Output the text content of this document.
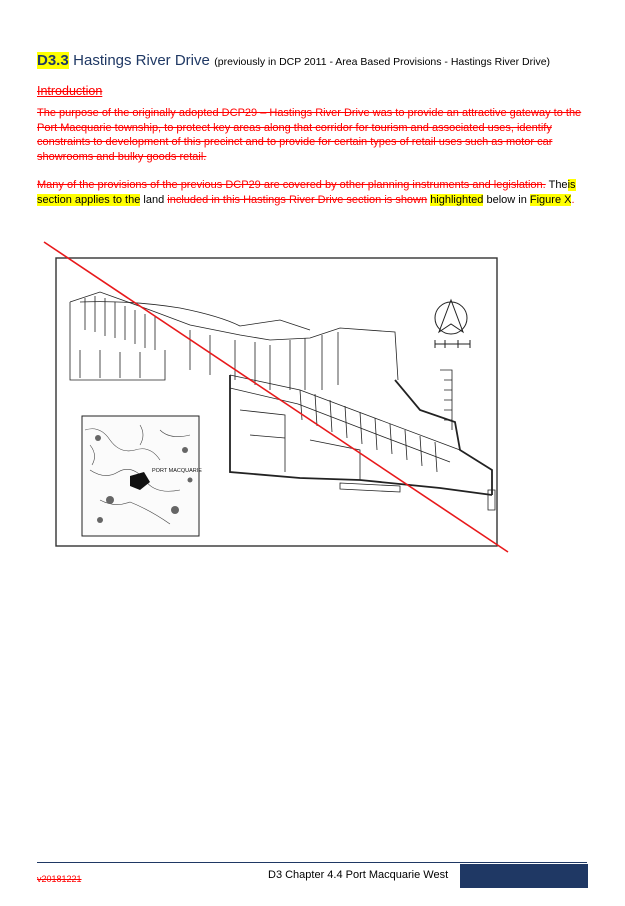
D3.3 Hastings River Drive (previously in DCP 2011 - Area Based Provisions - Hastings River Drive)
Introduction
The purpose of the originally adopted DCP29 – Hastings River Drive was to provide an attractive gateway to the Port Macquarie township, to protect key areas along that corridor for tourism and associated uses, identify constraints to development of this precinct and to provide for certain types of retail uses such as motor car showrooms and bulky goods retail.
Many of the provisions of the previous DCP29 are covered by other planning instruments and legislation. Theis section applies to the land included in this Hastings River Drive section is shown highlighted below in Figure X.
PORT MACQUARIE
v20181221	D3 Chapter 4.4 Port Macquarie West
